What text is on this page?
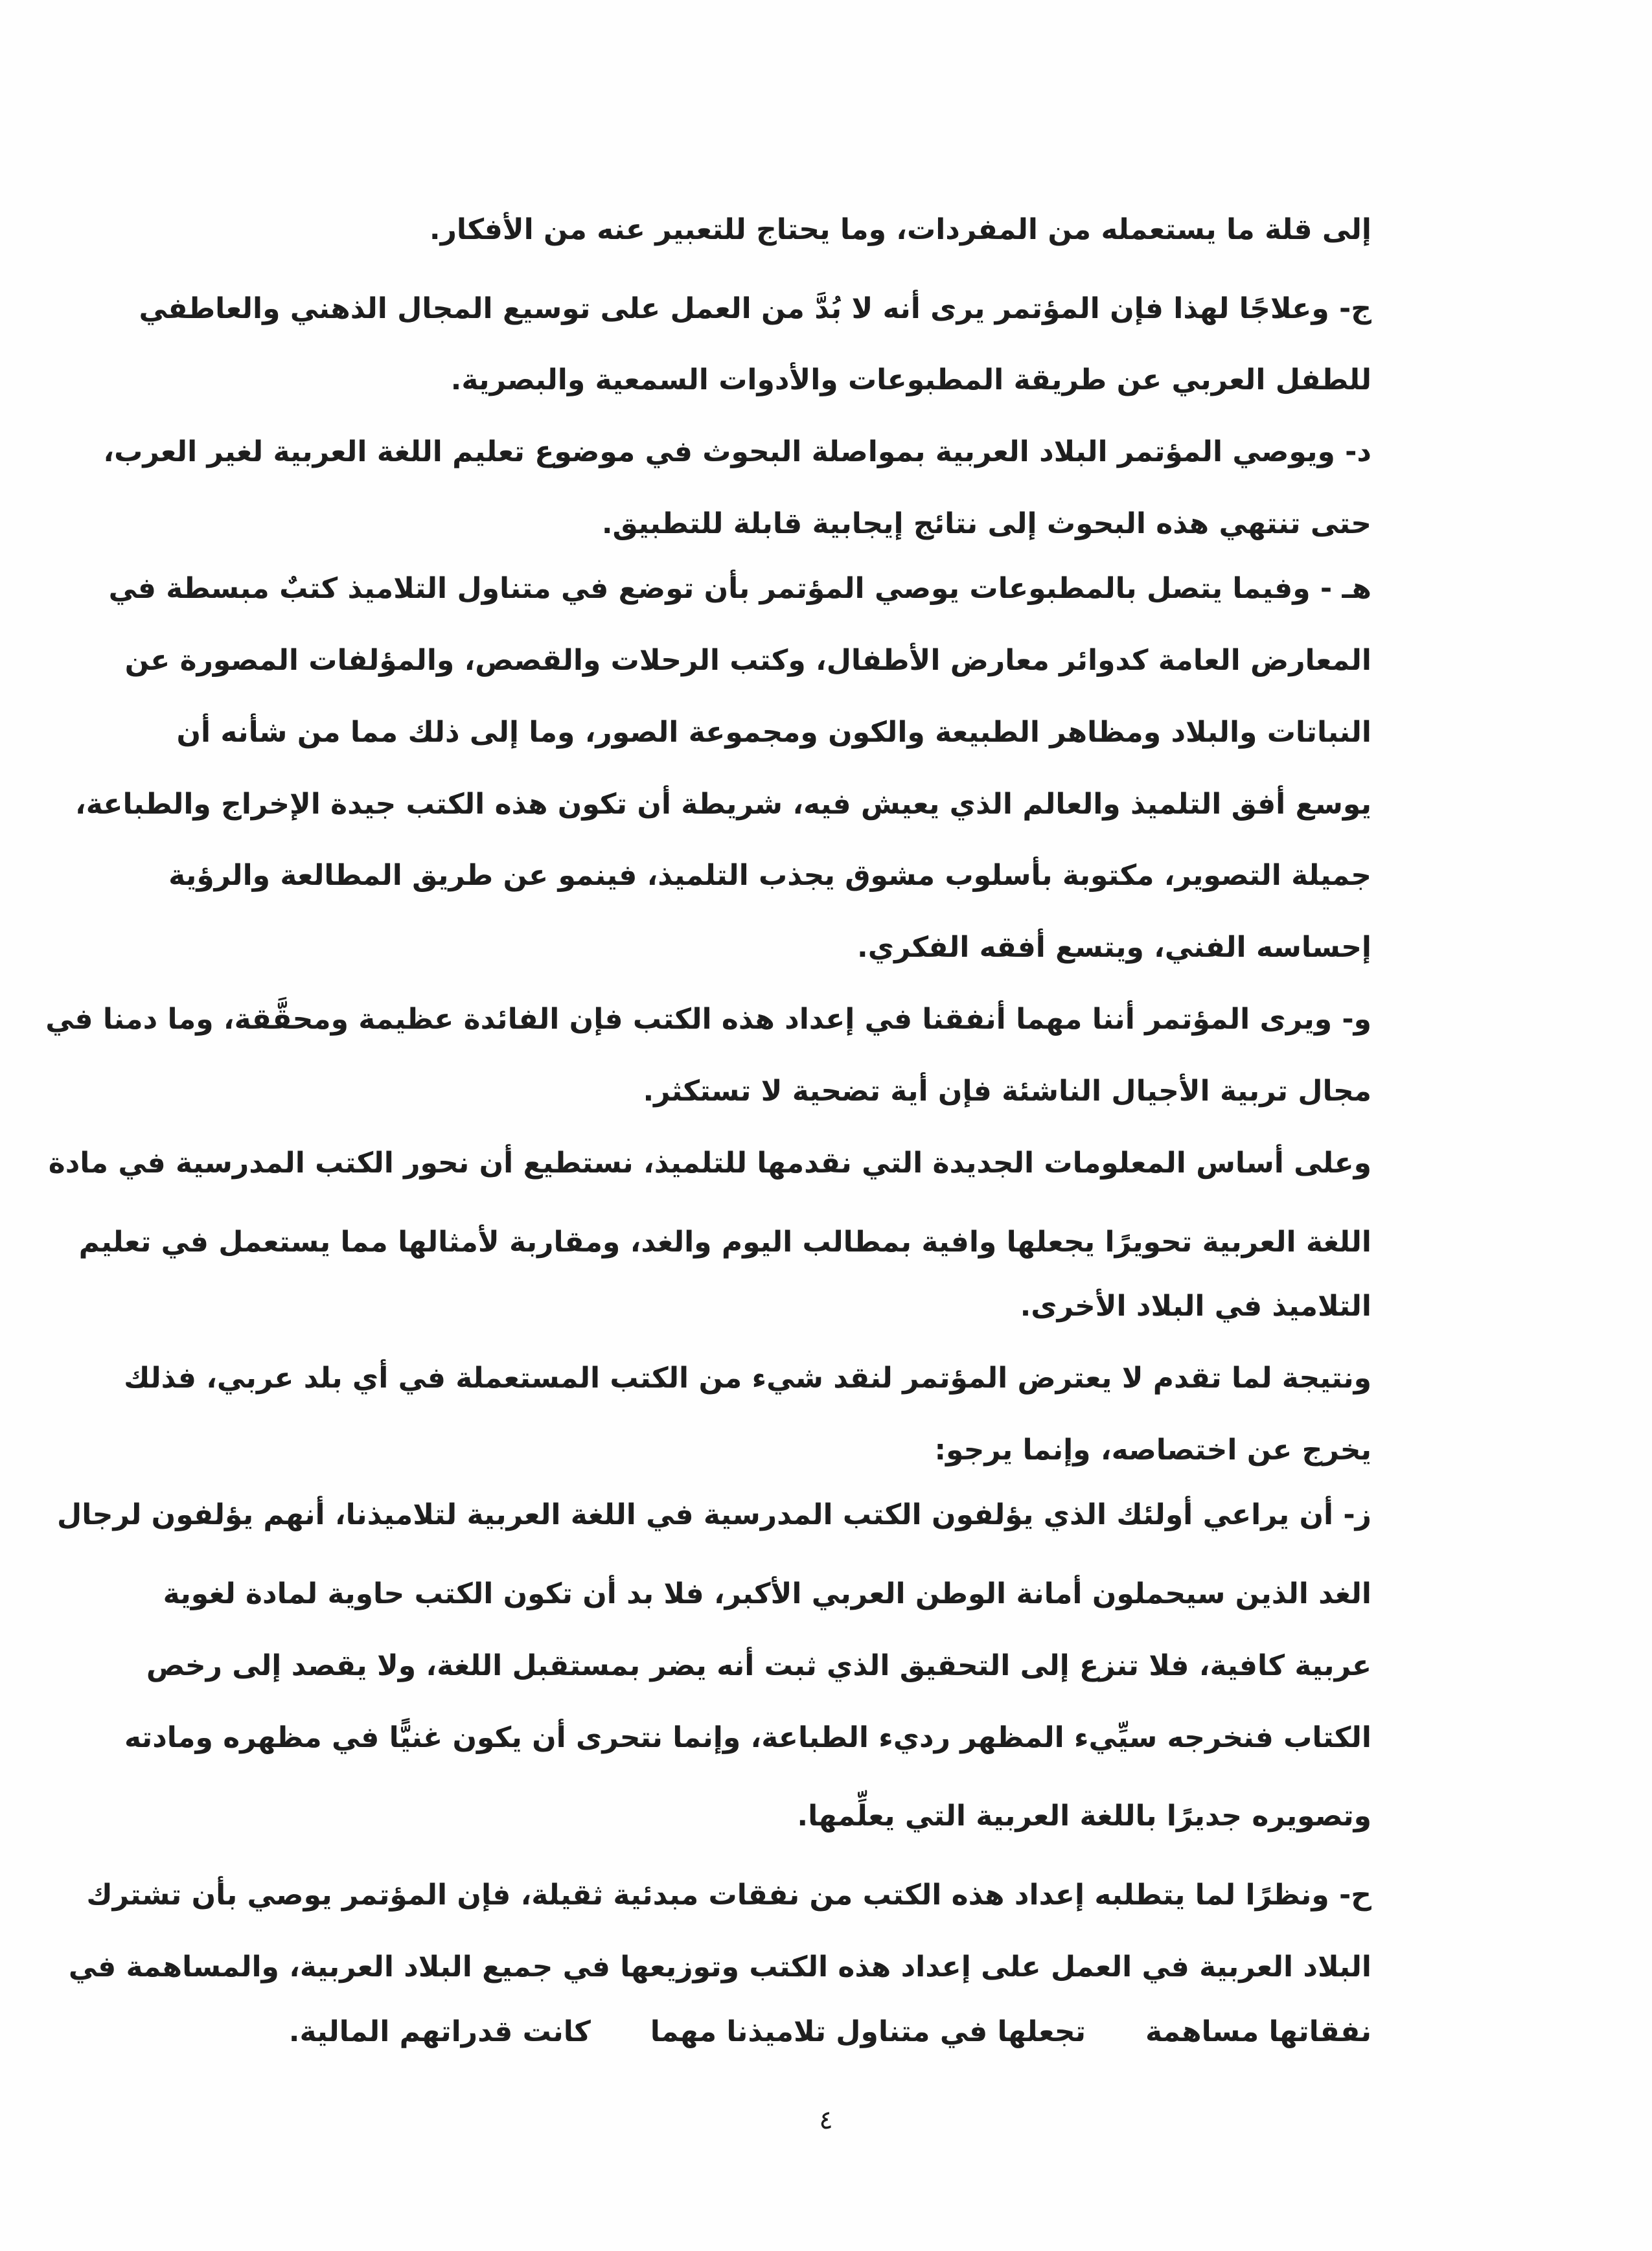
إلى قلة ما يستعمله من المفردات، وما يحتاج للتعبير عنه من الأفكار.
ج- وعلاجًا لهذا فإن المؤتمر يرى أنه لا بُدَّ من العمل على توسيع المجال الذهني والعاطفي
للطفل العربي عن طريقة المطبوعات والأدوات السمعية والبصرية.
د- ويوصي المؤتمر البلاد العربية بمواصلة البحوث في موضوع تعليم اللغة العربية لغير العرب،
حتى تنتهي هذه البحوث إلى نتائج إيجابية قابلة للتطبيق.
هـ - وفيما يتصل بالمطبوعات يوصي المؤتمر بأن توضع في متناول التلاميذ كتبٌ مبسطة في
المعارض العامة كدوائر معارض الأطفال، وكتب الرحلات والقصص، والمؤلفات المصورة عن
النباتات والبلاد ومظاهر الطبيعة والكون ومجموعة الصور، وما إلى ذلك مما من شأنه أن
يوسع أفق التلميذ والعالم الذي يعيش فيه، شريطة أن تكون هذه الكتب جيدة الإخراج والطباعة،
جميلة التصوير، مكتوبة بأسلوب مشوق يجذب التلميذ، فينمو عن طريق المطالعة والرؤية
إحساسه الفني، ويتسع أفقه الفكري.
و- ويرى المؤتمر أننا مهما أنفقنا في إعداد هذه الكتب فإن الفائدة عظيمة ومحقَّقة، وما دمنا في
مجال تربية الأجيال الناشئة فإن أية تضحية لا تستكثر.
وعلى أساس المعلومات الجديدة التي نقدمها للتلميذ، نستطيع أن نحور الكتب المدرسية في مادة
اللغة العربية تحويرًا يجعلها وافية بمطالب اليوم والغد، ومقاربة لأمثالها مما يستعمل في تعليم
التلاميذ في البلاد الأخرى.
ونتيجة لما تقدم لا يعترض المؤتمر لنقد شيء من الكتب المستعملة في أي بلد عربي، فذلك
يخرج عن اختصاصه، وإنما يرجو:
ز- أن يراعي أولئك الذي يؤلفون الكتب المدرسية في اللغة العربية لتلاميذنا، أنهم يؤلفون لرجال
الغد الذين سيحملون أمانة الوطن العربي الأكبر، فلا بد أن تكون الكتب حاوية لمادة لغوية
عربية كافية، فلا تنزع إلى التحقيق الذي ثبت أنه يضر بمستقبل اللغة، ولا يقصد إلى رخص
الكتاب فنخرجه سيِّيء المظهر رديء الطباعة، وإنما نتحرى أن يكون غنيًّا في مظهره ومادته
وتصويره جديرًا باللغة العربية التي يعلِّمها.
ح- ونظرًا لما يتطلبه إعداد هذه الكتب من نفقات مبدئية ثقيلة، فإن المؤتمر يوصي بأن تشترك
البلاد العربية في العمل على إعداد هذه الكتب وتوزيعها في جميع البلاد العربية، والمساهمة في
نفقاتها مساهمة      تجعلها في متناول تلاميذنا مهما      كانت قدراتهم المالية.
٤
